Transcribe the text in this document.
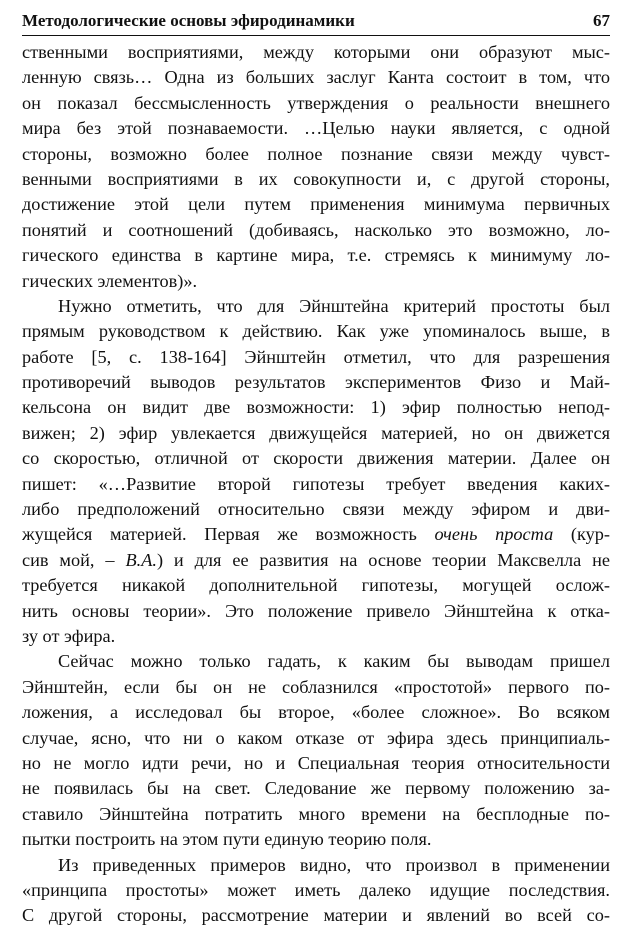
Методологические основы эфиродинамики	67
ственными восприятиями, между которыми они образуют мыс-
ленную связь… Одна из больших заслуг Канта состоит в том, что
он показал бессмысленность утверждения о реальности внешнего
мира без этой познаваемости. …Целью науки является, с одной
стороны, возможно более полное познание связи между чувст-
венными восприятиями в их совокупности и, с другой стороны,
достижение этой цели путем применения минимума первичных
понятий и соотношений (добиваясь, насколько это возможно, ло-
гического единства в картине мира, т.е. стремясь к минимуму ло-
гических элементов)».
Нужно отметить, что для Эйнштейна критерий простоты был
прямым руководством к действию. Как уже упоминалось выше, в
работе [5, с. 138-164] Эйнштейн отметил, что для разрешения
противоречий выводов результатов экспериментов Физо и Май-
кельсона он видит две возможности: 1) эфир полностью непод-
вижен; 2) эфир увлекается движущейся материей, но он движется
со скоростью, отличной от скорости движения материи. Далее он
пишет: «…Развитие второй гипотезы требует введения каких-
либо предположений относительно связи между эфиром и дви-
жущейся материей. Первая же возможность очень проста (кур-
сив мой, – В.А.) и для ее развития на основе теории Максвелла не
требуется никакой дополнительной гипотезы, могущей ослож-
нить основы теории». Это положение привело Эйнштейна к отка-
зу от эфира.
Сейчас можно только гадать, к каким бы выводам пришел
Эйнштейн, если бы он не соблазнился «простотой» первого по-
ложения, а исследовал бы второе, «более сложное». Во всяком
случае, ясно, что ни о каком отказе от эфира здесь принципиаль-
но не могло идти речи, но и Специальная теория относительности
не появилась бы на свет. Следование же первому положению за-
ставило Эйнштейна потратить много времени на бесплодные по-
пытки построить на этом пути единую теорию поля.
Из приведенных примеров видно, что произвол в применении
«принципа простоты» может иметь далеко идущие последствия.
С другой стороны, рассмотрение материи и явлений во всей со-
